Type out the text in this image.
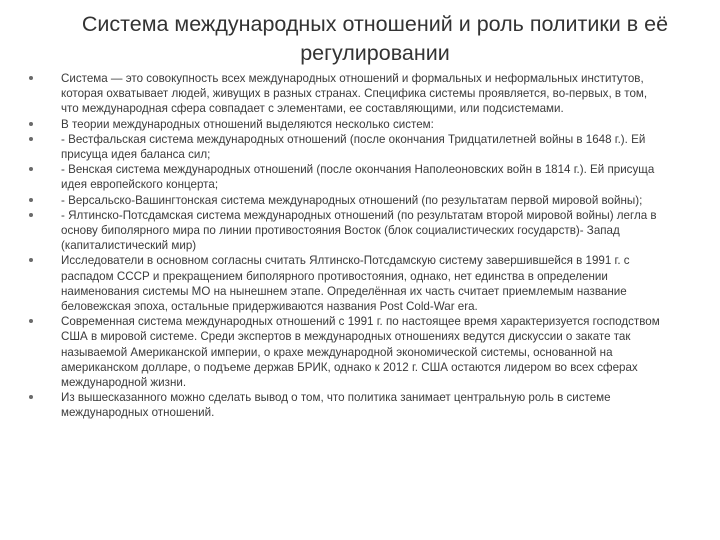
Система международных отношений и роль политики в её регулировании
Система — это совокупность всех международных отношений и формальных и неформальных институтов, которая охватывает людей, живущих в разных странах. Специфика системы проявляется, во-первых, в том, что международная сфера совпадает с элементами, ее составляющими, или подсистемами.
В теории международных отношений выделяются несколько систем:
- Вестфальская система международных отношений (после окончания Тридцатилетней войны в 1648 г.). Ей присуща идея баланса сил;
- Венская система международных отношений (после окончания Наполеоновских войн в 1814 г.). Ей присуща идея европейского концерта;
- Версальско-Вашингтонская система международных отношений (по результатам первой мировой войны);
- Ялтинско-Потсдамская система международных отношений (по результатам второй мировой войны) легла в основу биполярного мира по линии противостояния Восток (блок социалистических государств)- Запад (капиталистический мир)
Исследователи в основном согласны считать Ялтинско-Потсдамскую систему завершившейся в 1991 г. с распадом СССР и прекращением биполярного противостояния, однако, нет единства в определении наименования системы МО на нынешнем этапе. Определённая их часть считает приемлемым название беловежская эпоха, остальные придерживаются названия Post Cold-War era.
Современная система международных отношений с 1991 г. по настоящее время характеризуется господством США в мировой системе. Среди экспертов в международных отношениях ведутся дискуссии о закате так называемой Американской империи, о крахе международной экономической системы, основанной на американском долларе, о подъеме держав БРИК, однако к 2012 г. США остаются лидером во всех сферах международной жизни.
Из вышесказанного можно сделать вывод о том, что политика занимает центральную роль в системе международных отношений.
